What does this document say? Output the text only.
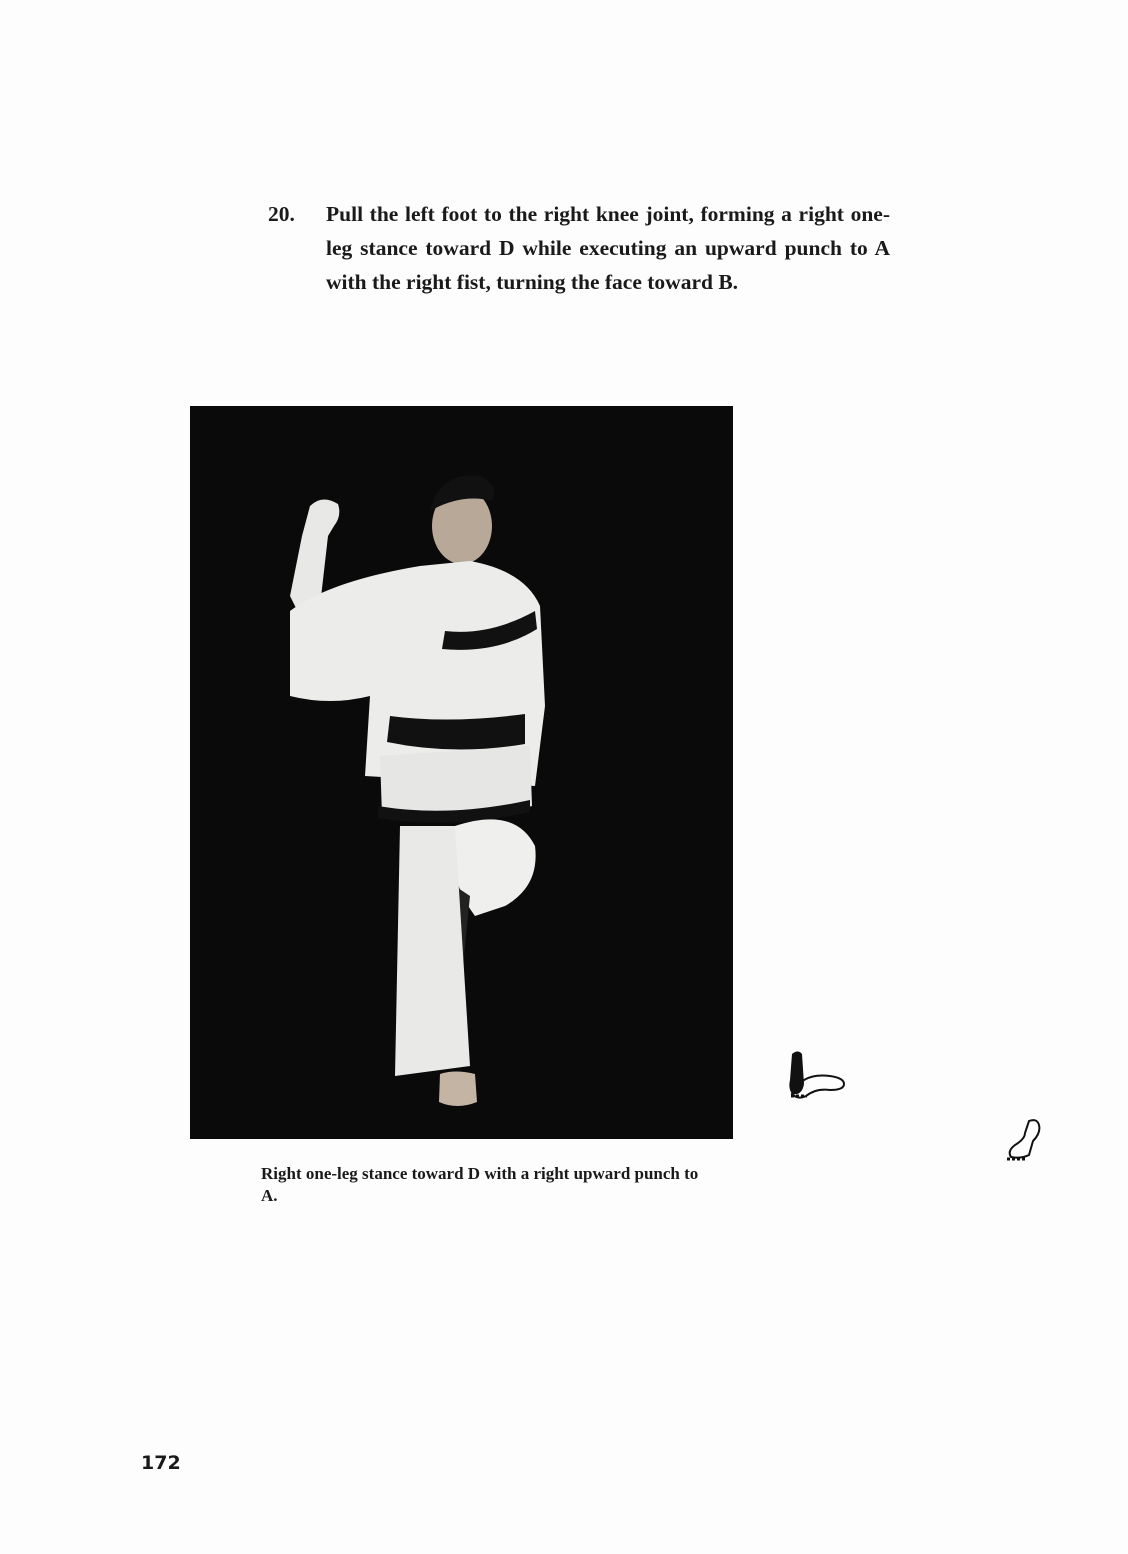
20.	Pull the left foot to the right knee joint, forming a right one-leg stance toward D while executing an upward punch to A with the right fist, turning the face toward B.
Right one-leg stance toward D with a right upward punch to A.
172
